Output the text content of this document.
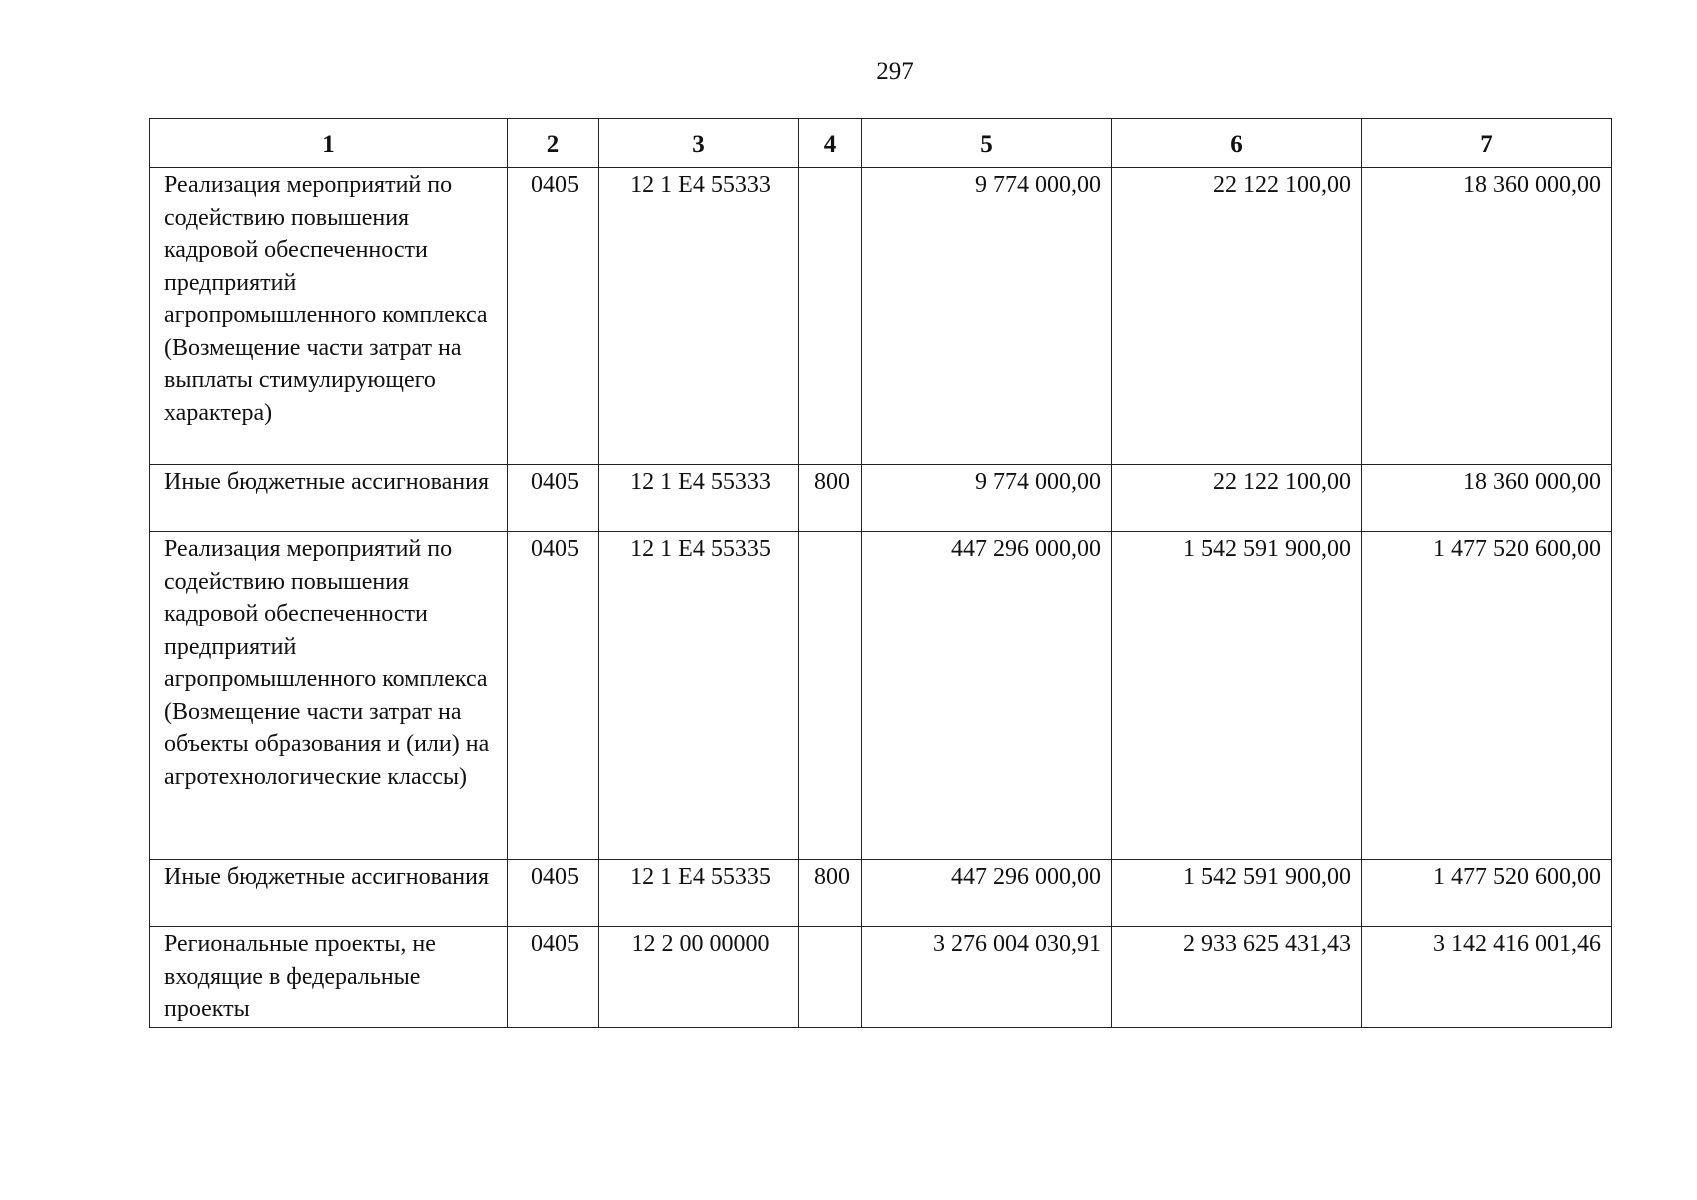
297
1	2	3	4	5	6	7
Реализация мероприятий по содействию повышения кадровой обеспеченности предприятий агропромышленного комплекса (Возмещение части затрат на выплаты стимулирующего характера)	0405	12 1 Е4 55333		9 774 000,00	22 122 100,00	18 360 000,00
Иные бюджетные ассигнования	0405	12 1 Е4 55333	800	9 774 000,00	22 122 100,00	18 360 000,00
Реализация мероприятий по содействию повышения кадровой обеспеченности предприятий агропромышленного комплекса (Возмещение части затрат на объекты образования и (или) на агротехнологические классы)	0405	12 1 Е4 55335		447 296 000,00	1 542 591 900,00	1 477 520 600,00
Иные бюджетные ассигнования	0405	12 1 Е4 55335	800	447 296 000,00	1 542 591 900,00	1 477 520 600,00
Региональные проекты, не входящие в федеральные проекты	0405	12 2 00 00000		3 276 004 030,91	2 933 625 431,43	3 142 416 001,46
